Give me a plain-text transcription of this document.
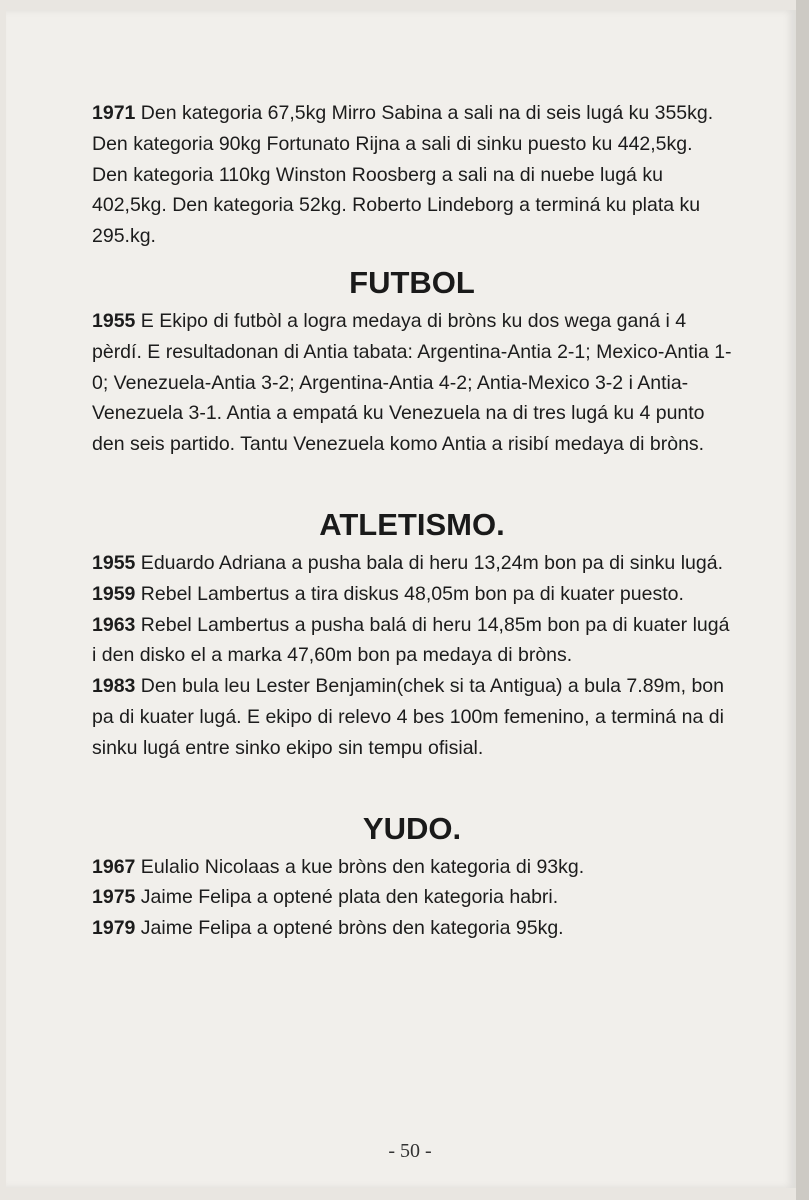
1971 Den kategoria 67,5kg Mirro Sabina a sali na di seis lugá ku 355kg. Den kategoria 90kg Fortunato Rijna a sali di sinku puesto ku 442,5kg. Den kategoria 110kg Winston Roosberg a sali na di nuebe lugá ku 402,5kg. Den kategoria 52kg. Roberto Lindeborg a terminá ku plata ku 295.kg.

FUTBOL

1955 E Ekipo di futbòl a logra medaya di bròns ku dos wega ganá i 4 pèrdí. E resultadonan di Antia tabata: Argentina-Antia 2-1; Mexico-Antia 1-0; Venezuela-Antia 3-2; Argentina-Antia 4-2; Antia-Mexico 3-2 i Antia-Venezuela 3-1. Antia a empatá ku Venezuela na di tres lugá ku 4 punto den seis partido. Tantu Venezuela komo Antia a risibí medaya di bròns.

ATLETISMO.

1955 Eduardo Adriana a pusha bala di heru 13,24m bon pa di sinku lugá.

1959 Rebel Lambertus a tira diskus 48,05m bon pa di kuater puesto.

1963 Rebel Lambertus a pusha balá di heru 14,85m bon pa di kuater lugá i den disko el a marka 47,60m bon pa medaya di bròns.

1983 Den bula leu Lester Benjamin(chek si ta Antigua) a bula 7.89m, bon pa di kuater lugá. E ekipo di relevo 4 bes 100m femenino, a terminá na di sinku lugá entre sinko ekipo sin tempu ofisial.

YUDO.

1967 Eulalio Nicolaas a kue bròns den kategoria di 93kg.

1975 Jaime Felipa a optené plata den kategoria habri.

1979 Jaime Felipa a optené bròns den kategoria 95kg.

- 50 -
